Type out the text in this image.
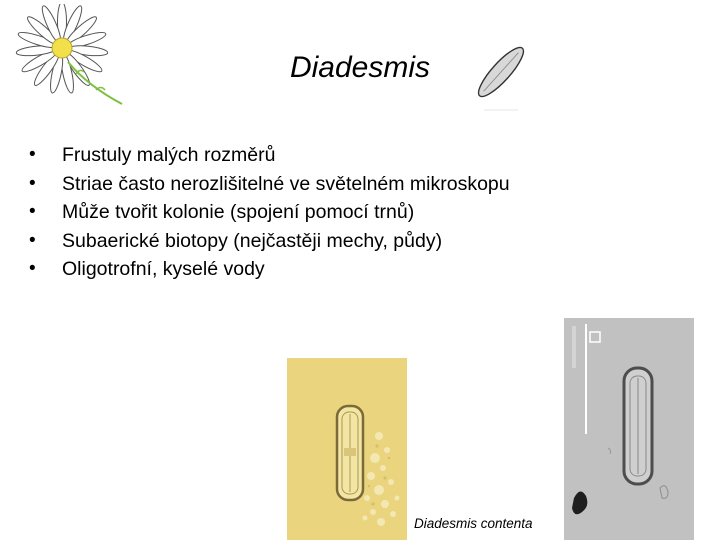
Diadesmis
• Frustuly malých rozměrů
• Striae často nerozlišitelné ve světelném mikroskopu
• Může tvořit kolonie (spojení pomocí trnů)
• Subaerické biotopy (nejčastěji mechy, půdy)
• Oligotrofní, kyselé vody
Diadesmis contenta
